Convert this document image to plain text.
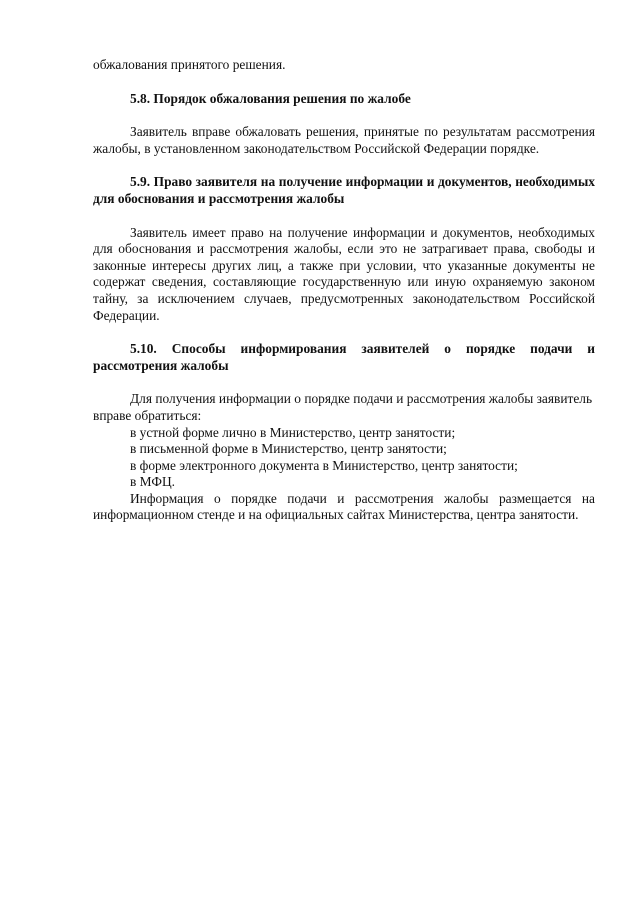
обжалования принятого решения.

5.8. Порядок обжалования решения по жалобе

Заявитель вправе обжаловать решения, принятые по результатам рассмотрения жалобы, в установленном законодательством Российской Федерации порядке.

5.9. Право заявителя на получение информации и документов, необходимых для обоснования и рассмотрения жалобы

Заявитель имеет право на получение информации и документов, необходимых для обоснования и рассмотрения жалобы, если это не затрагивает права, свободы и законные интересы других лиц, а также при условии, что указанные документы не содержат сведения, составляющие государственную или иную охраняемую законом тайну, за исключением случаев, предусмотренных законодательством Российской Федерации.

5.10. Способы информирования заявителей о порядке подачи и рассмотрения жалобы

Для получения информации о порядке подачи и рассмотрения жалобы заявитель вправе обратиться:

в устной форме лично в Министерство, центр занятости;

в письменной форме в Министерство, центр занятости;

в форме электронного документа в Министерство, центр занятости;

в МФЦ.

Информация о порядке подачи и рассмотрения жалобы размещается на информационном стенде и на официальных сайтах Министерства, центра занятости.
